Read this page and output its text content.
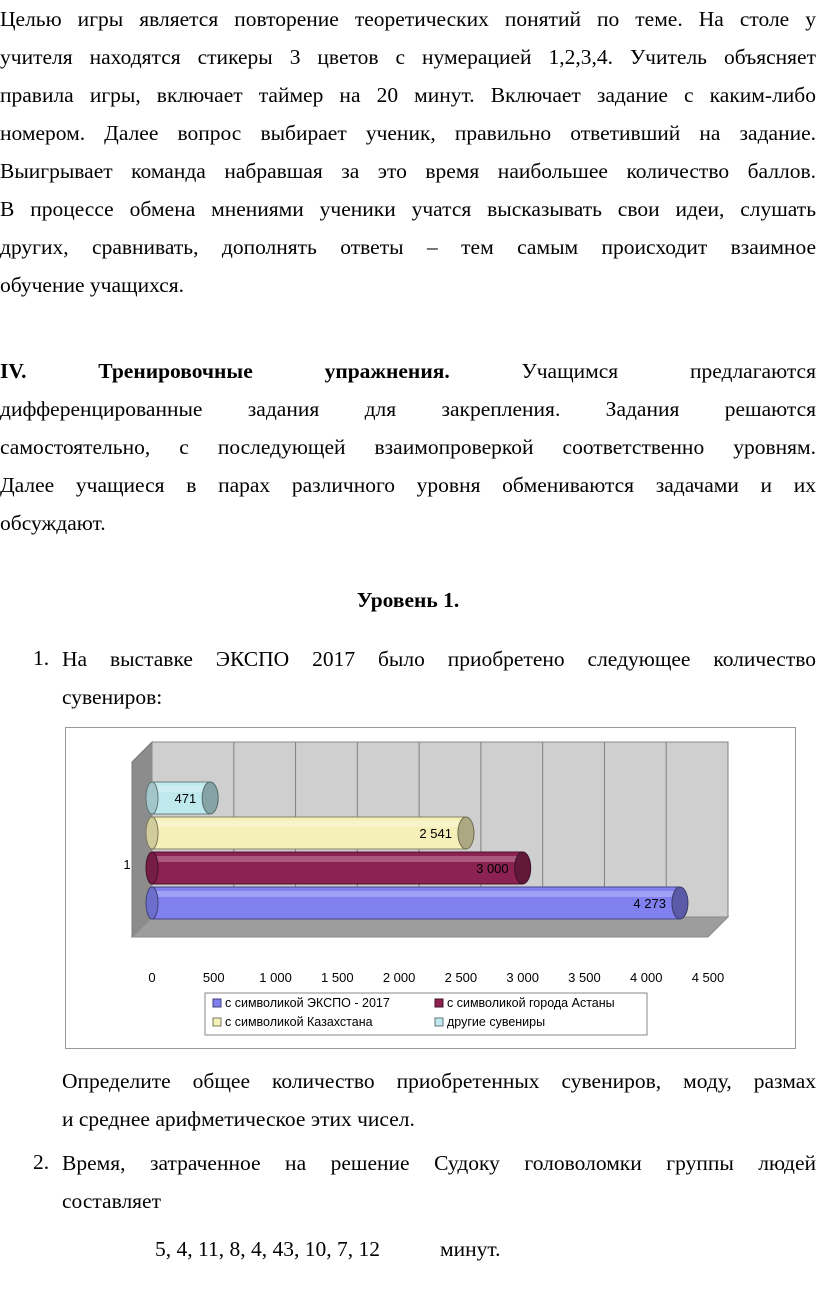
Целью игры является повторение теоретических понятий по теме. На столе у
учителя находятся стикеры 3 цветов с нумерацией 1,2,3,4. Учитель объясняет
правила игры, включает таймер на 20 минут. Включает задание с каким-либо
номером. Далее вопрос выбирает ученик, правильно ответивший на задание.
Выигрывает команда набравшая за это время наибольшее количество баллов.
В процессе обмена мнениями ученики учатся высказывать свои идеи, слушать
других, сравнивать, дополнять ответы – тем самым происходит взаимное
обучение учащихся.
IV.	Тренировочные	упражнения.	Учащимся	предлагаются
дифференцированные задания для закрепления. Задания решаются
самостоятельно, с последующей взаимопроверкой соответственно уровням.
Далее учащиеся в парах различного уровня обмениваются задачами и их
обсуждают.
Уровень 1.
1. На выставке ЭКСПО 2017 было приобретено следующее количество
сувениров:
0	500	1 000 1 500 2 000 2 500 3 000 3 500 4 000 4 500
1
471
2 541
3 000
4 273
с символикой ЭКСПО - 2017	с символикой города Астаны
с символикой Казахстана	другие сувениры
Определите общее количество приобретенных сувениров, моду, размах
и среднее арифметическое этих чисел.
2. Время, затраченное на решение Судоку головоломки группы людей
составляет
5, 4, 11, 8, 4, 43, 10, 7, 12	минут.
